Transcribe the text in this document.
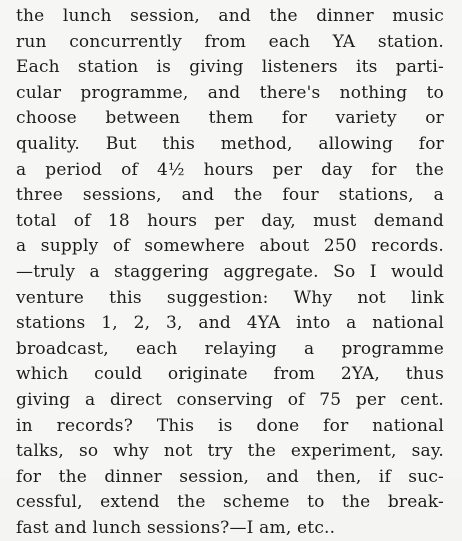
the lunch session, and the dinner music
run concurrently from each YA station.
Each station is giving listeners its parti-
cular programme, and there's nothing to
choose between them for variety or
quality. But this method, allowing for
a period of 4½ hours per day for the
three sessions, and the four stations, a
total of 18 hours per day, must demand
a supply of somewhere about 250 records.
—truly a staggering aggregate. So I would
venture this suggestion: Why not link
stations 1, 2, 3, and 4YA into a national
broadcast, each relaying a programme
which could originate from 2YA, thus
giving a direct conserving of 75 per cent.
in records? This is done for national
talks, so why not try the experiment, say.
for the dinner session, and then, if suc-
cessful, extend the scheme to the break-
fast and lunch sessions?—I am, etc..
